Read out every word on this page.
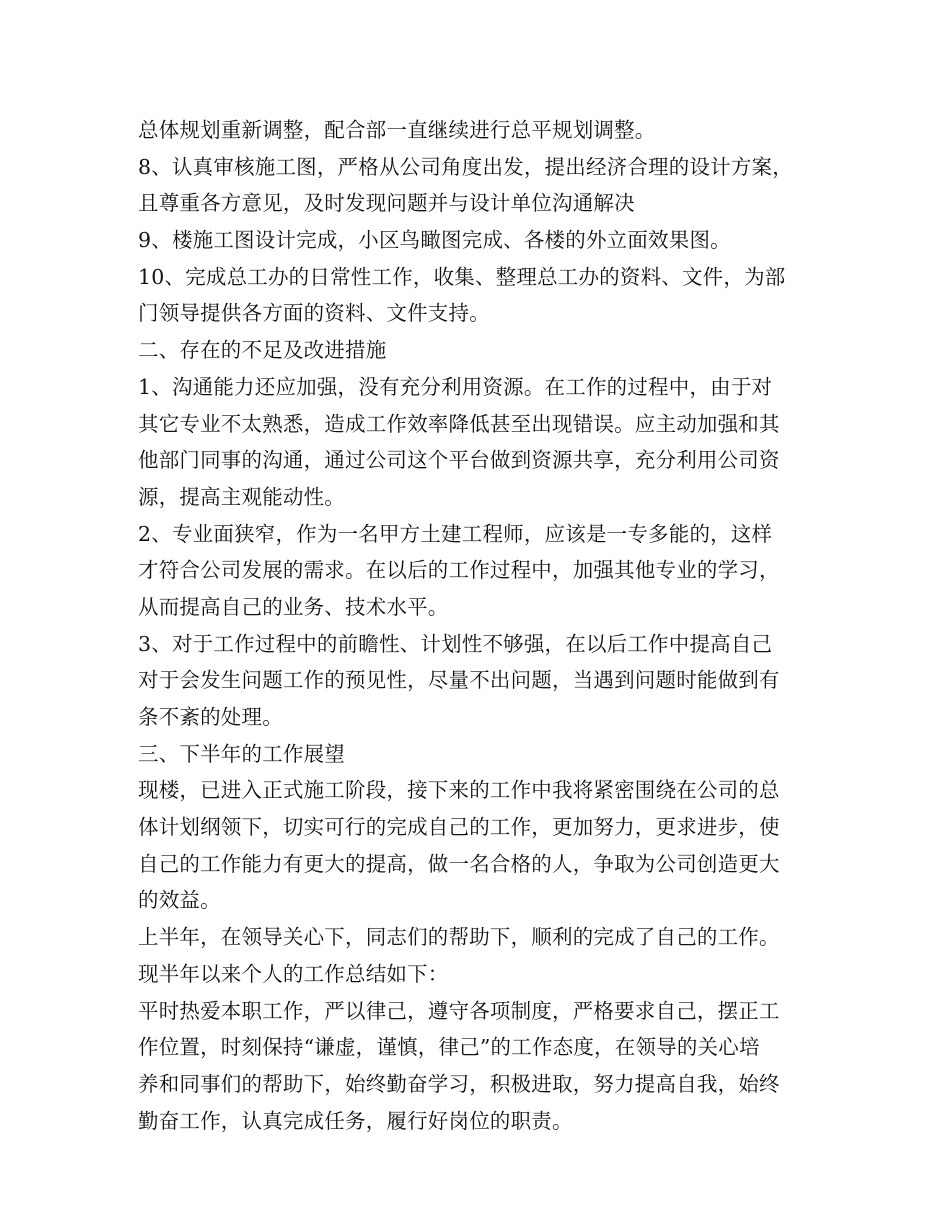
总体规划重新调整，配合部一直继续进行总平规划调整。
8、认真审核施工图，严格从公司角度出发，提出经济合理的设计方案，
且尊重各方意见，及时发现问题并与设计单位沟通解决
9、楼施工图设计完成，小区鸟瞰图完成、各楼的外立面效果图。
10、完成总工办的日常性工作，收集、整理总工办的资料、文件，为部
门领导提供各方面的资料、文件支持。
二、存在的不足及改进措施
1、沟通能力还应加强，没有充分利用资源。在工作的过程中，由于对
其它专业不太熟悉，造成工作效率降低甚至出现错误。应主动加强和其
他部门同事的沟通，通过公司这个平台做到资源共享，充分利用公司资
源，提高主观能动性。
2、专业面狭窄，作为一名甲方土建工程师，应该是一专多能的，这样
才符合公司发展的需求。在以后的工作过程中，加强其他专业的学习，
从而提高自己的业务、技术水平。
3、对于工作过程中的前瞻性、计划性不够强，在以后工作中提高自己
对于会发生问题工作的预见性，尽量不出问题，当遇到问题时能做到有
条不紊的处理。
三、下半年的工作展望
现楼，已进入正式施工阶段，接下来的工作中我将紧密围绕在公司的总
体计划纲领下，切实可行的完成自己的工作，更加努力，更求进步，使
自己的工作能力有更大的提高，做一名合格的人，争取为公司创造更大
的效益。
上半年，在领导关心下，同志们的帮助下，顺利的完成了自己的工作。
现半年以来个人的工作总结如下：
平时热爱本职工作，严以律己，遵守各项制度，严格要求自己，摆正工
作位置，时刻保持“谦虚，谨慎，律己”的工作态度，在领导的关心培
养和同事们的帮助下，始终勤奋学习，积极进取，努力提高自我，始终
勤奋工作，认真完成任务，履行好岗位的职责。
